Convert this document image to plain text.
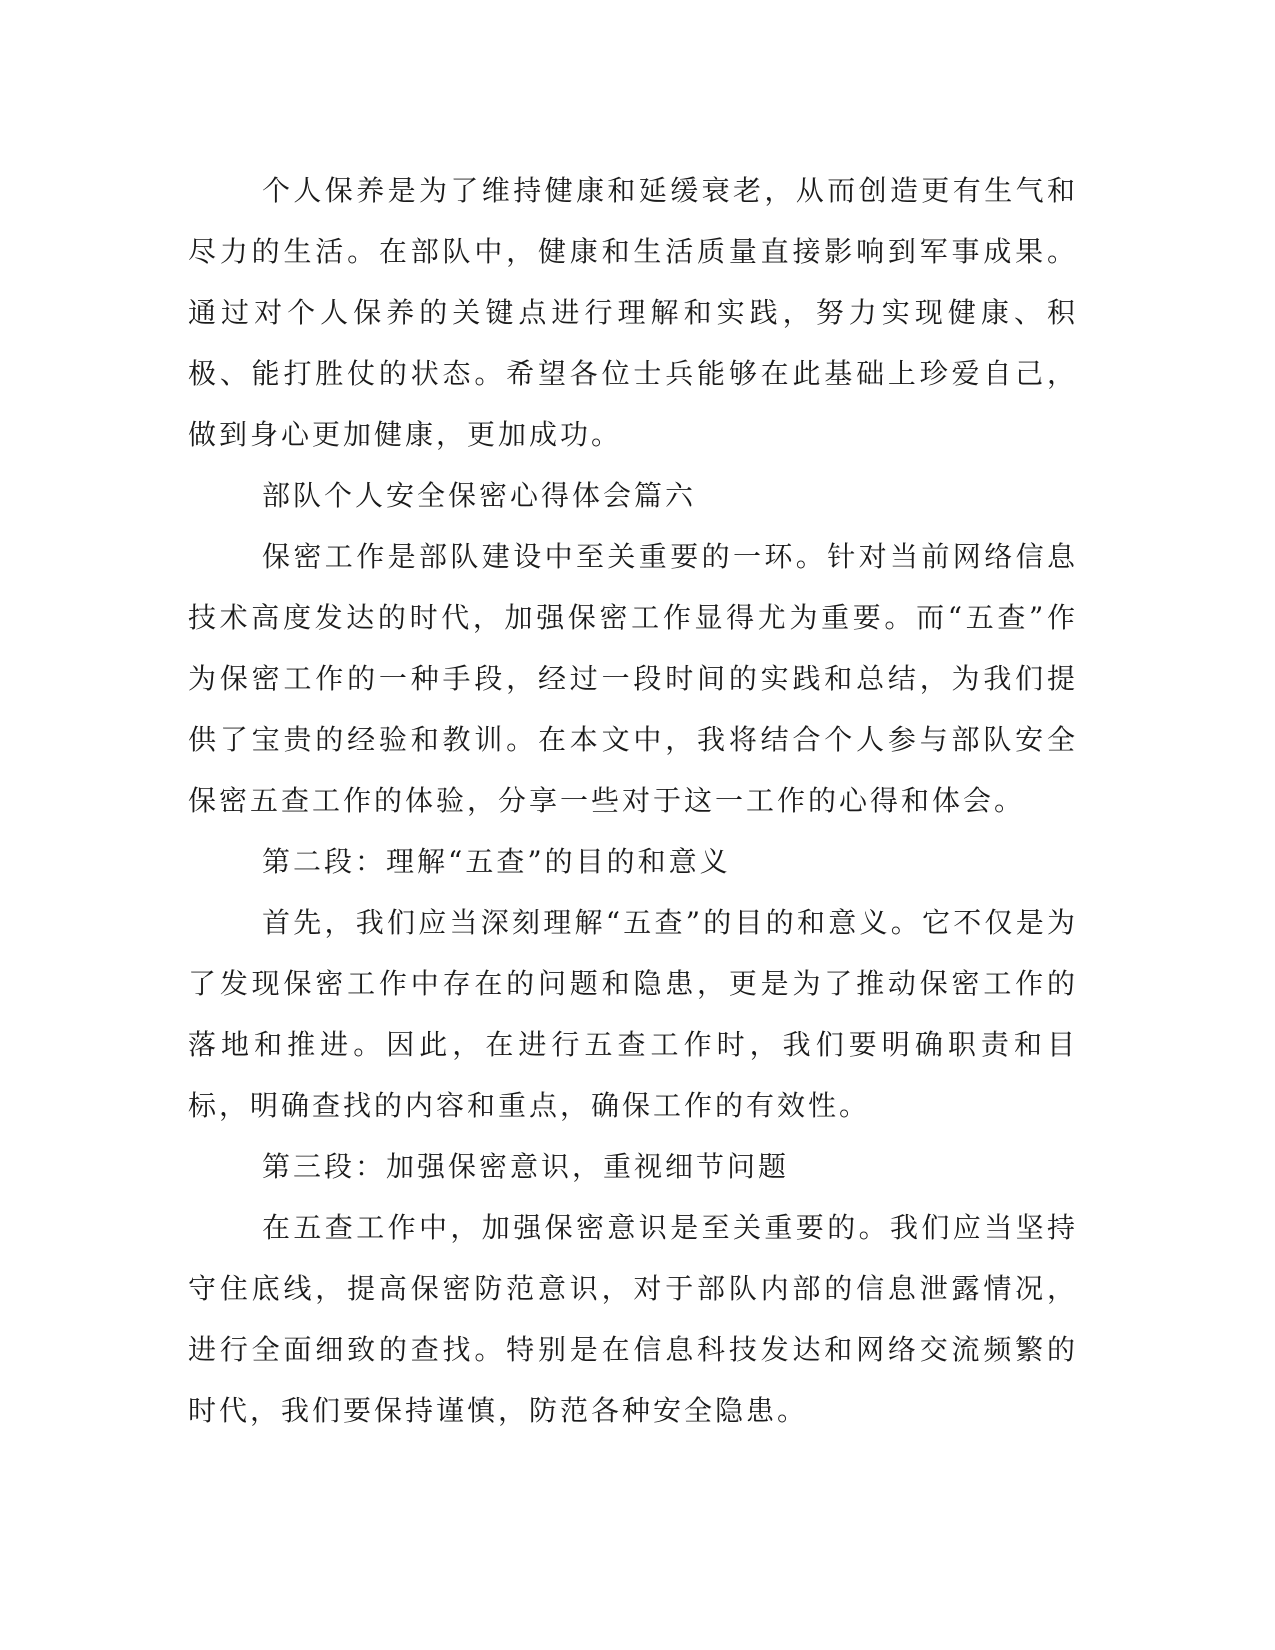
个人保养是为了维持健康和延缓衰老，从而创造更有生气和尽力的生活。在部队中，健康和生活质量直接影响到军事成果。通过对个人保养的关键点进行理解和实践，努力实现健康、积极、能打胜仗的状态。希望各位士兵能够在此基础上珍爱自己，做到身心更加健康，更加成功。

部队个人安全保密心得体会篇六

保密工作是部队建设中至关重要的一环。针对当前网络信息技术高度发达的时代，加强保密工作显得尤为重要。而“五查”作为保密工作的一种手段，经过一段时间的实践和总结，为我们提供了宝贵的经验和教训。在本文中，我将结合个人参与部队安全保密五查工作的体验，分享一些对于这一工作的心得和体会。

第二段：理解“五查”的目的和意义

首先，我们应当深刻理解“五查”的目的和意义。它不仅是为了发现保密工作中存在的问题和隐患，更是为了推动保密工作的落地和推进。因此，在进行五查工作时，我们要明确职责和目标，明确查找的内容和重点，确保工作的有效性。

第三段：加强保密意识，重视细节问题

在五查工作中，加强保密意识是至关重要的。我们应当坚持守住底线，提高保密防范意识，对于部队内部的信息泄露情况，进行全面细致的查找。特别是在信息科技发达和网络交流频繁的时代，我们要保持谨慎，防范各种安全隐患。
